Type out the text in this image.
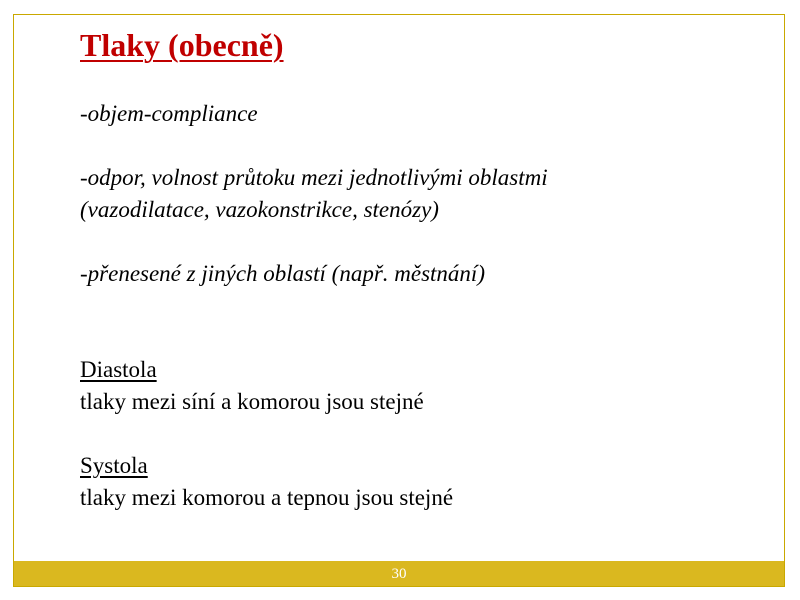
Tlaky (obecně)
-objem-compliance
-odpor, volnost průtoku mezi jednotlivými oblastmi
(vazodilatace, vazokonstrikce, stenózy)
-přenesené z jiných oblastí (např. městnání)
Diastola
tlaky mezi síní a komorou jsou stejné
Systola
tlaky mezi komorou a tepnou jsou stejné
30
